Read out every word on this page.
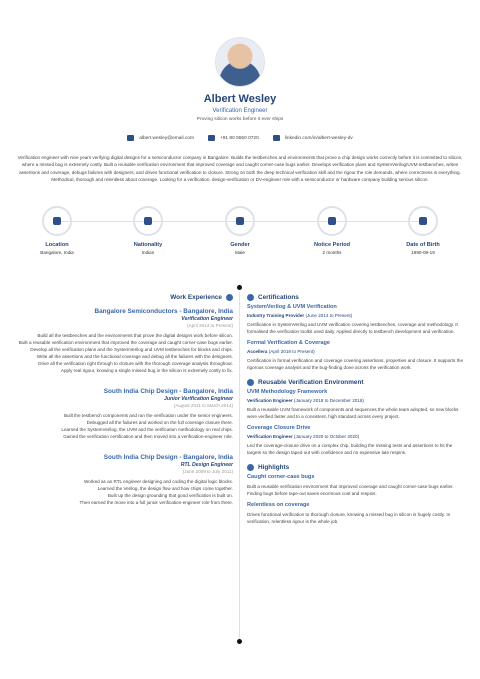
Albert Wesley
Verification Engineer
Proving silicon works before it ever ships
albert.wesley@email.com	+91 80 5550 0720	linkedin.com/in/albert-wesley-dv
Verification engineer with nine years verifying digital designs for a semiconductor company in Bangalore. Builds the testbenches and environments that prove a chip design works correctly before it is committed to silicon, where a missed bug is extremely costly. Built a reusable verification environment that improved coverage and caught corner-case bugs earlier. Develops verification plans and SystemVerilog/UVM testbenches, writes assertions and coverage, debugs failures with designers, and drives functional verification to closure. Strong on both the deep technical verification skill and the rigour the role demands, where correctness is everything. Methodical, thorough and relentless about coverage. Looking for a verification, design-verification or DV-engineer role with a semiconductor or hardware company building serious silicon.
Location
Bangalore, India
Nationality
Indian
Gender
Male
Notice Period
2 months
Date of Birth
1990-09-19
Work Experience
Bangalore Semiconductors - Bangalore, India
Verification Engineer
(April 2014 to Present)
Build all the testbenches and the environments that prove the digital designs work before silicon.
Built a reusable verification environment that improved the coverage and caught corner-case bugs earlier.
Develop all the verification plans and the SystemVerilog and UVM testbenches for blocks and chips.
Write all the assertions and the functional coverage and debug all the failures with the designers.
Drive all the verification right through to closure with the thorough coverage analysis throughout.
Apply real rigour, knowing a single missed bug in the silicon is extremely costly to fix.
South India Chip Design - Bangalore, India
Junior Verification Engineer
(August 2011 to March 2014)
Built the testbench components and ran the verification under the senior engineers.
Debugged all the failures and worked on the full coverage closure there.
Learned the SystemVerilog, the UVM and the verification methodology on real chips.
Gained the verification certification and then moved into a verification-engineer role.
South India Chip Design - Bangalore, India
RTL Design Engineer
(June 2009 to July 2011)
Worked as an RTL engineer designing and coding the digital logic blocks.
Learned the Verilog, the design flow and how chips come together.
Built up the design grounding that good verification is built on.
Then earned the move into a full junior verification-engineer role from there.
Certifications
SystemVerilog & UVM Verification
Industry Training Provider (June 2014 to Present)
Certification in SystemVerilog and UVM verification covering testbenches, coverage and methodology. It formalised the verification toolkit used daily. Applied directly to testbench development and verification.
Formal Verification & Coverage
Accellera (April 2019 to Present)
Certification in formal verification and coverage covering assertions, properties and closure. It supports the rigorous coverage analysis and the bug-finding done across the verification work.
Reusable Verification Environment
UVM Methodology Framework
Verification Engineer (January 2018 to December 2018)
Built a reusable UVM framework of components and sequences the whole team adopted, so new blocks were verified faster and to a consistent, high standard across every project.
Coverage Closure Drive
Verification Engineer (January 2020 to October 2020)
Led the coverage-closure drive on a complex chip, building the missing tests and assertions to hit the targets so the design taped out with confidence and no expensive late respins.
Highlights
Caught corner-case bugs
Built a reusable verification environment that improved coverage and caught corner-case bugs earlier. Finding bugs before tape-out saves enormous cost and respins.
Relentless on coverage
Drives functional verification to thorough closure, knowing a missed bug in silicon is hugely costly. In verification, relentless rigour is the whole job.
